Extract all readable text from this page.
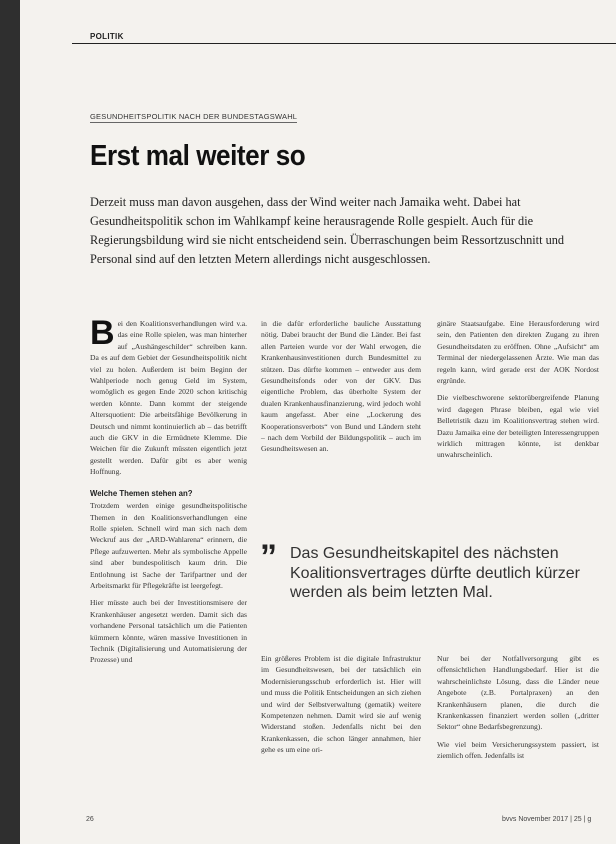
POLITIK
GESUNDHEITSPOLITIK NACH DER BUNDESTAGSWAHL
Erst mal weiter so
Derzeit muss man davon ausgehen, dass der Wind weiter nach Jamaika weht. Dabei hat Gesundheitspolitik schon im Wahlkampf keine herausragende Rolle gespielt. Auch für die Regierungsbildung wird sie nicht entscheidend sein. Überraschungen beim Ressortzuschnitt und Personal sind auf den letzten Metern allerdings nicht ausgeschlossen.
B ei den Koalitionsverhandlungen wird v.a. das eine Rolle spielen, was man hinterher auf „Aushängeschilder“ schreiben kann. Da es auf dem Gebiet der Gesundheitspolitik nicht viel zu holen. Außerdem ist beim Beginn der Wahlperiode noch genug Geld im System, womöglich es gegen Ende 2020 schon kritischig werden könnte. Dann kommt der steigende Altersquotient: Die arbeitsfähige Bevölkerung in Deutsch und nimmt kontinuierlich ab – das betrifft auch die GKV in die Ermüdnete Klemme. Die Weichen für die Zukunft müssten eigentlich jetzt gestellt werden. Dafür gibt es aber wenig Hoffnung.

Welche Themen stehen an?

Trotzdem werden einige gesundheitspolitische Themen in den Koalitionsverhandlungen eine Rolle spielen. Schnell wird man sich nach dem Weckruf aus der „ARD-Wahlarena“ erinnern, die Pflege aufzuwerten. Mehr als symbolische Appelle sind aber bundespolitisch kaum drin. Die Entlohnung ist Sache der Tarifpartner und der Arbeitsmarkt für Pflegekräfte ist leergefegt.

Hier müsste auch bei der Investitionsmisere der Krankenhäuser angesetzt werden. Damit sich das vorhandene Personal tatsächlich um die Patienten kümmern könnte, wären massive Investitionen in Technik (Digitalisierung und Automatisierung der Prozesse) und

in die dafür erforderliche bauliche Ausstattung nötig. Dabei braucht der Bund die Länder. Bei fast allen Parteien wurde vor der Wahl erwogen, die Krankenhausinvestitionen durch Bundesmittel zu stützen. Das dürfte kommen – entweder aus dem Gesundheitsfonds oder von der GKV. Das eigentliche Problem, das überholte System der dualen Krankenhausfinanzierung, wird jedoch wohl kaum angefasst. Aber eine „Lockerung des Kooperationsverbots“ von Bund und Ländern steht – nach dem Vorbild der Bildungspolitik – auch im Gesundheitswesen an.

ginäre Staatsaufgabe. Eine Herausforderung wird sein, den Patienten den direkten Zugang zu ihren Gesundheitsdaten zu eröffnen. Ohne „Aufsicht“ am Terminal der niedergelassenen Ärzte. Wie man das regeln kann, wird gerade erst der AOK Nordost ergründe.

Die vielbeschworene sektorübergreifende Planung wird dagegen Phrase bleiben, egal wie viel Belletristik dazu im Koalitionsvertrag stehen wird. Dazu Jamaika eine der beteiligten Interessengruppen wirklich mittragen könnte, ist denkbar unwahrscheinlich.

” Das Gesundheitskapitel des nächsten Koalitionsvertrages dürfte deutlich kürzer werden als beim letzten Mal.

Ein größeres Problem ist die digitale Infrastruktur im Gesundheitswesen, bei der tatsächlich ein Modernisierungsschub erforderlich ist. Hier will und muss die Politik Entscheidungen an sich ziehen und wird der Selbstverwaltung (gematik) weitere Kompetenzen nehmen. Damit wird sie auf wenig Widerstand stoßen. Jedenfalls nicht bei den Krankenkassen, die schon länger annahmen, hier gehe es um eine ori-

Nur bei der Notfallversorgung gibt es offensichtlichen Handlungsbedarf. Hier ist die wahrscheinlichste Lösung, dass die Länder neue Angebote (z.B. Portalpraxen) an den Krankenhäusern planen, die durch die Krankenkassen finanziert werden sollen („dritter Sektor“ ohne Bedarfsbegrenzung).

Wie viel beim Versicherungssystem passiert, ist ziemlich offen. Jedenfalls ist

26	bvvs November 2017 | 25 | g
